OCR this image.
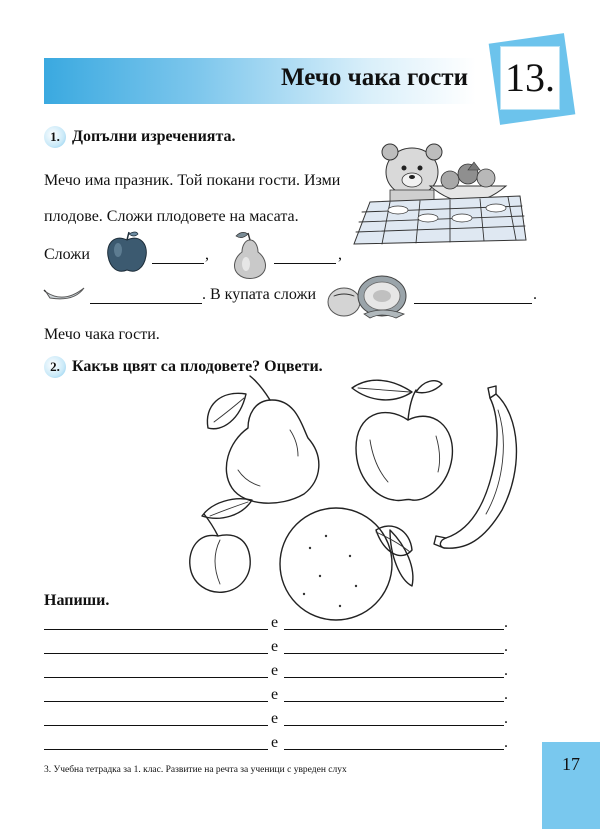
Мечо чака гости 13.
1. Допълни изреченията.
Мечо има празник. Той покани гости. Изми
плодове. Сложи плодовете на масата.
Сложи	,	,
. В купата сложи	.
Мечо чака гости.
2. Какъв цвят са плодовете? Оцвети.
Напиши.
е	.
е	.
е	.
е	.
е	.
е	.
3. Учебна тетрадка за 1. клас. Развитие на речта за ученици с увреден слух	17
